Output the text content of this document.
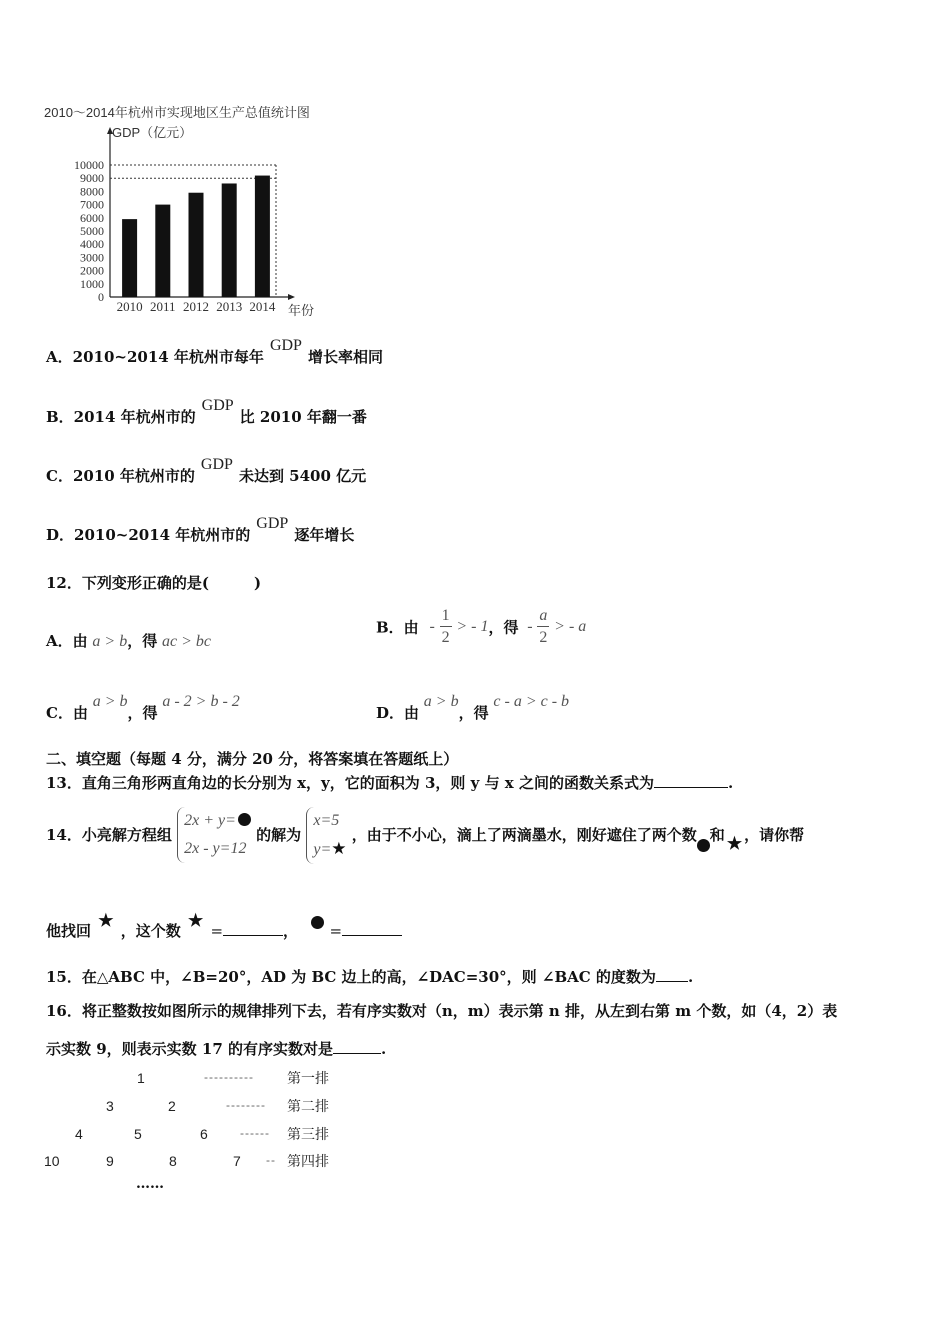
2010～2014年杭州市实现地区生产总值统计图
GDP（亿元）
年份
0
1000
2000
3000
4000
5000
6000
7000
8000
9000
10000
2010 2011 2012 2013 2014
A．2010~2014 年杭州市每年GDP增长率相同
B．2014 年杭州市的GDP比 2010 年翻一番
C．2010 年杭州市的GDP未达到 5400 亿元
D．2010~2014 年杭州市的GDP逐年增长
12．下列变形正确的是(　　　)
A．由 a > b，得 ac > bc
B．由 - $\frac{1}{2}$ > - 1，得 - $\frac{a}{2}$ > - a
C．由 a > b，得 a - 2 > b - 2
D．由 a > b，得 c - a > c - b
二、填空题（每题 4 分，满分 20 分，将答案填在答题纸上）
13．直角三角形两直角边的长分别为 x，y，它的面积为 3，则 y 与 x 之间的函数关系式为	.
14．小亮解方程组
2x + y=
2x - y=12
的解为
x=5
y=★
，由于不小心，滴上了两滴墨水，刚好遮住了两个数 和 ★ ，请你帮
他找回 ★ ，这个数 ★ =	， =
15．在△ABC 中，∠B=20°，AD 为 BC 边上的高，∠DAC=30°，则 ∠BAC 的度数为 .
16．将正整数按如图所示的规律排列下去，若有序实数对（n，m）表示第 n 排，从左到右第 m 个数，如（4，2）表
示实数 9，则表示实数 17 的有序实数对是	.
1	---------- 第一排
3	2	-------- 第二排
4	5	6	------ 第三排
10	9	8	7 -- 第四排
……
